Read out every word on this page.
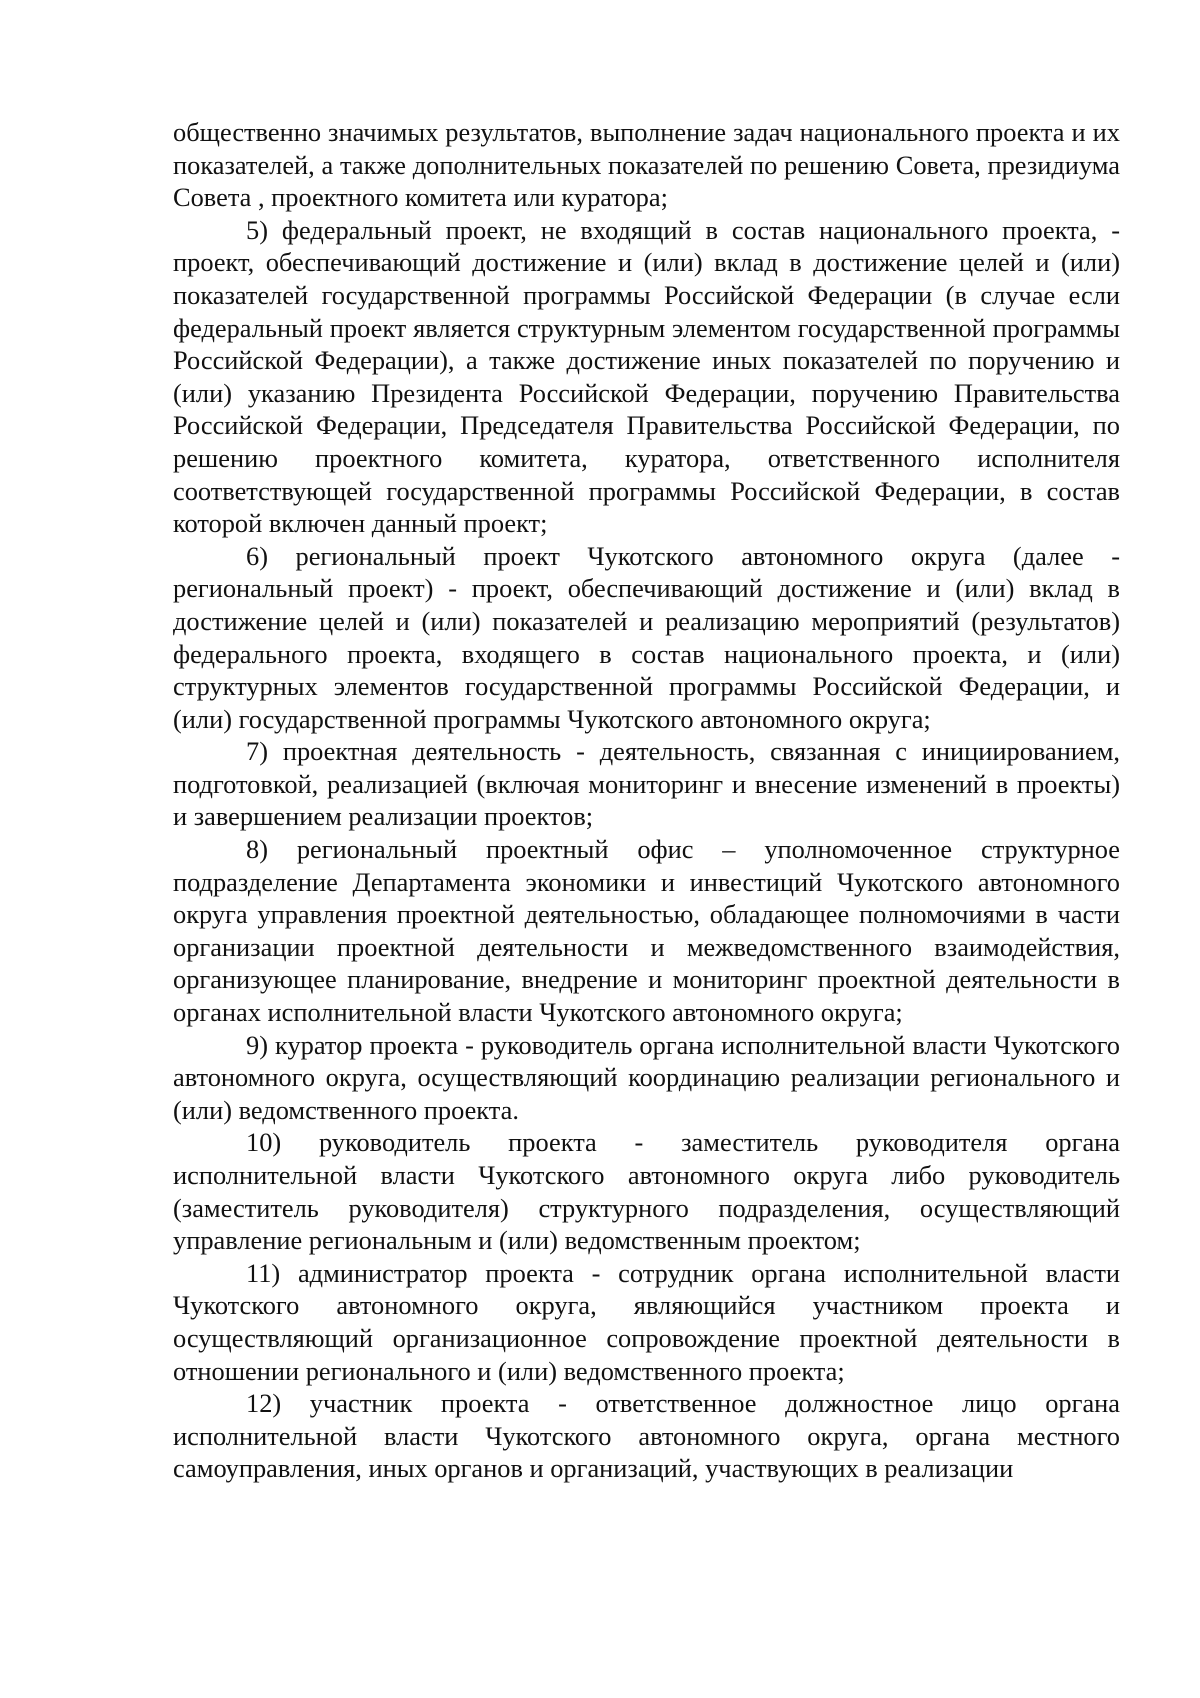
общественно значимых результатов, выполнение задач национального проекта и их показателей, а также дополнительных показателей по решению Совета, президиума Совета , проектного комитета или куратора;

5) федеральный проект, не входящий в состав национального проекта, - проект, обеспечивающий достижение и (или) вклад в достижение целей и (или) показателей государственной программы Российской Федерации (в случае если федеральный проект является структурным элементом государственной программы Российской Федерации), а также достижение иных показателей по поручению и (или) указанию Президента Российской Федерации, поручению Правительства Российской Федерации, Председателя Правительства Российской Федерации, по решению проектного комитета, куратора, ответственного исполнителя соответствующей государственной программы Российской Федерации, в состав которой включен данный проект;

6) региональный проект Чукотского автономного округа (далее - региональный проект) - проект, обеспечивающий достижение и (или) вклад в достижение целей и (или) показателей и реализацию мероприятий (результатов) федерального проекта, входящего в состав национального проекта, и (или) структурных элементов государственной программы Российской Федерации, и (или) государственной программы Чукотского автономного округа;

7) проектная деятельность - деятельность, связанная с инициированием, подготовкой, реализацией (включая мониторинг и внесение изменений в проекты) и завершением реализации проектов;

8) региональный проектный офис – уполномоченное структурное подразделение Департамента экономики и инвестиций Чукотского автономного округа управления проектной деятельностью, обладающее полномочиями в части организации проектной деятельности и межведомственного взаимодействия, организующее планирование, внедрение и мониторинг проектной деятельности в органах исполнительной власти Чукотского автономного округа;

9) куратор проекта - руководитель органа исполнительной власти Чукотского автономного округа, осуществляющий координацию реализации регионального и (или) ведомственного проекта.

10) руководитель проекта - заместитель руководителя органа исполнительной власти Чукотского автономного округа либо руководитель (заместитель руководителя) структурного подразделения, осуществляющий управление региональным и (или) ведомственным проектом;

11) администратор проекта - сотрудник органа исполнительной власти Чукотского автономного округа, являющийся участником проекта и осуществляющий организационное сопровождение проектной деятельности в отношении регионального и (или) ведомственного проекта;

12) участник проекта - ответственное должностное лицо органа исполнительной власти Чукотского автономного округа, органа местного самоуправления, иных органов и организаций, участвующих в реализации
